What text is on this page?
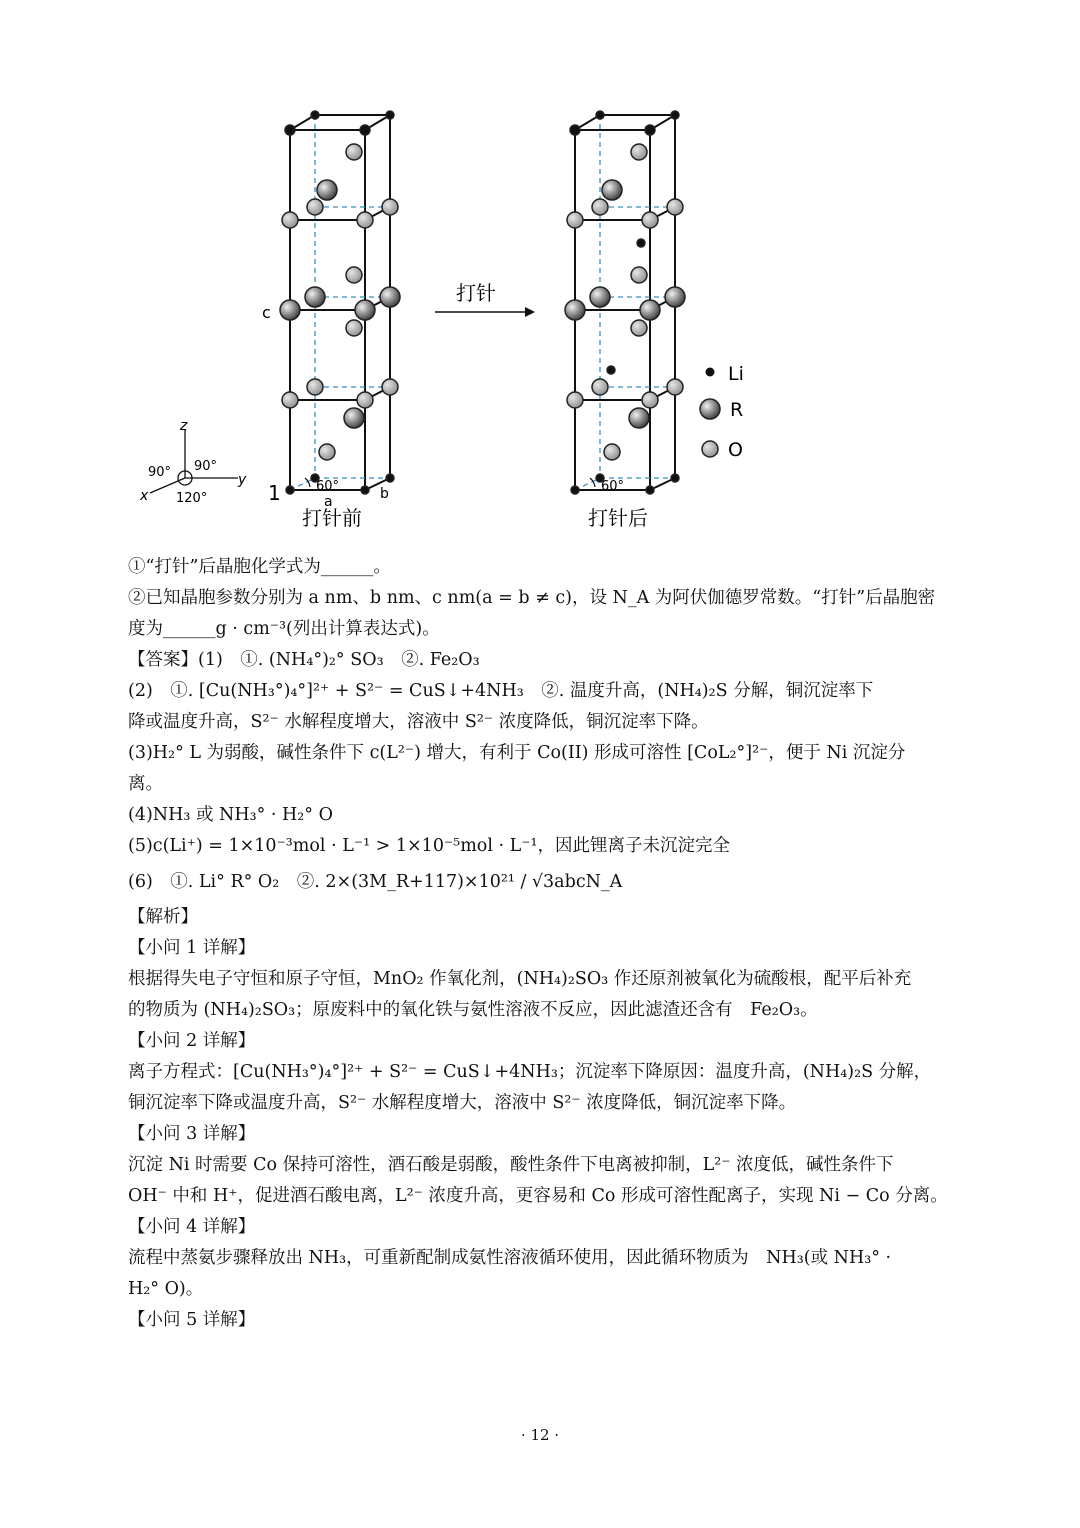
60°
c
a	b
1
打针前
z
y
x
90° 90°
120°
打针
60°
打针后
Li
R
O
①“打针”后晶胞化学式为______。
②已知晶胞参数分别为 a nm、b nm、c nm(a = b ≠ c)，设 N_A 为阿伏伽德罗常数。“打针”后晶胞密
度为______g · cm⁻³(列出计算表达式)。
【答案】(1)　①. (NH₄°)₂° SO₃　②. Fe₂O₃
(2)　①. [Cu(NH₃°)₄°]²⁺ + S²⁻ = CuS↓+4NH₃　②. 温度升高，(NH₄)₂S 分解，铜沉淀率下
降或温度升高，S²⁻ 水解程度增大，溶液中 S²⁻ 浓度降低，铜沉淀率下降。
(3)H₂° L 为弱酸，碱性条件下 c(L²⁻) 增大，有利于 Co(II) 形成可溶性 [CoL₂°]²⁻，便于 Ni 沉淀分
离。
(4)NH₃ 或 NH₃° · H₂° O
(5)c(Li⁺) = 1×10⁻³mol · L⁻¹ > 1×10⁻⁵mol · L⁻¹，因此锂离子未沉淀完全
(6)　①. Li° R° O₂　②. 2×(3M_R+117)×10²¹ / √3abcN_A
【解析】
【小问 1 详解】
根据得失电子守恒和原子守恒，MnO₂ 作氧化剂，(NH₄)₂SO₃ 作还原剂被氧化为硫酸根，配平后补充
的物质为 (NH₄)₂SO₃；原废料中的氧化铁与氨性溶液不反应，因此滤渣还含有　Fe₂O₃。
【小问 2 详解】
离子方程式：[Cu(NH₃°)₄°]²⁺ + S²⁻ = CuS↓+4NH₃；沉淀率下降原因：温度升高，(NH₄)₂S 分解，
铜沉淀率下降或温度升高，S²⁻ 水解程度增大，溶液中 S²⁻ 浓度降低，铜沉淀率下降。
【小问 3 详解】
沉淀 Ni 时需要 Co 保持可溶性，酒石酸是弱酸，酸性条件下电离被抑制，L²⁻ 浓度低，碱性条件下
OH⁻ 中和 H⁺，促进酒石酸电离，L²⁻ 浓度升高，更容易和 Co 形成可溶性配离子，实现 Ni − Co 分离。
【小问 4 详解】
流程中蒸氨步骤释放出 NH₃，可重新配制成氨性溶液循环使用，因此循环物质为　NH₃(或 NH₃° ·
H₂° O)。
【小问 5 详解】
· 12 ·
